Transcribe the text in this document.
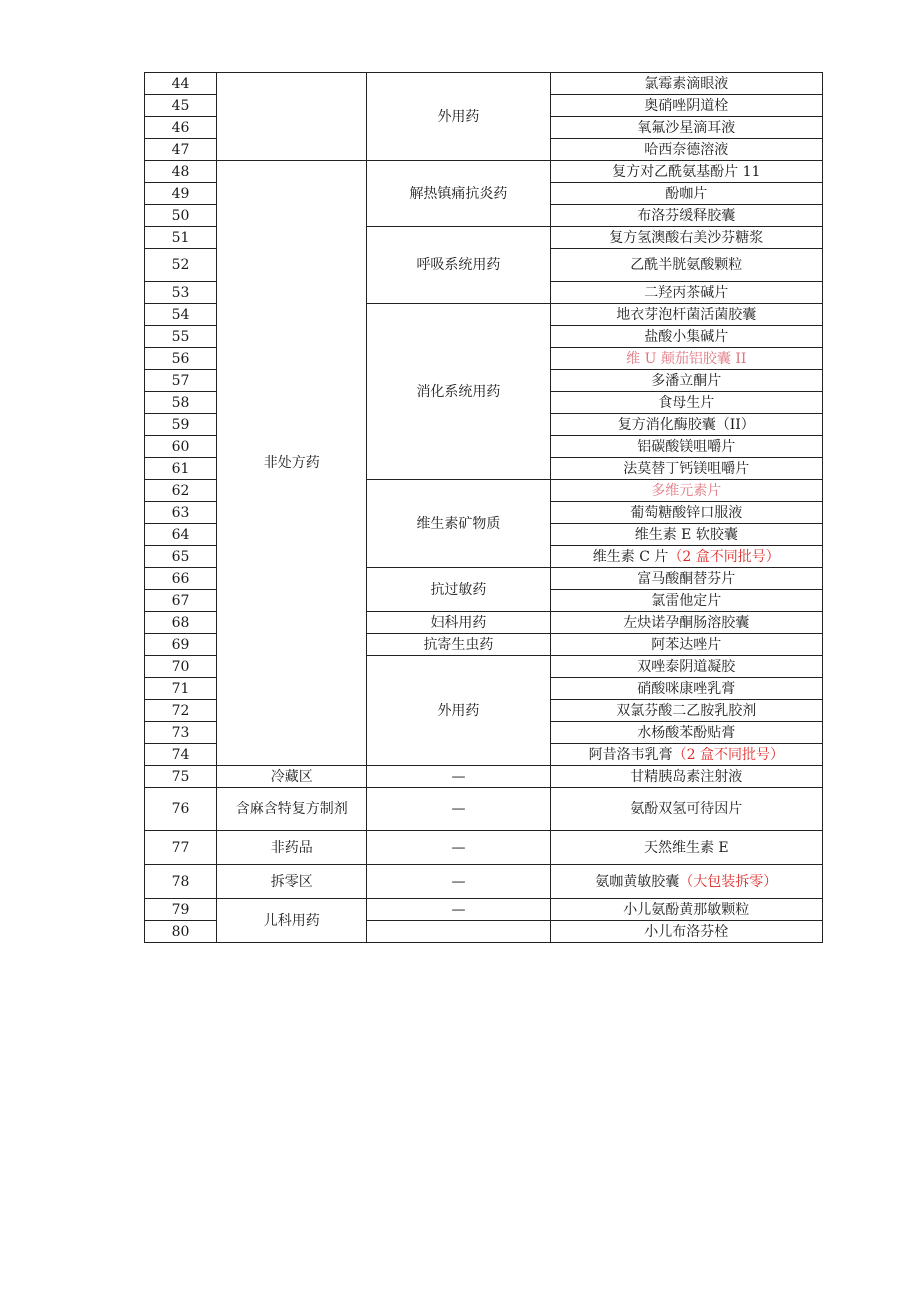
44		外用药	氯霉素滴眼液
45			奥硝唑阴道栓
46			氧氟沙星滴耳液
47			哈西奈德溶液
48	非处方药	解热镇痛抗炎药	复方对乙酰氨基酚片 11
49			酚咖片
50			布洛芬缓释胶囊
51		呼吸系统用药	复方氢澳酸右美沙芬糖浆
52			乙酰半胱氨酸颗粒
53			二羟丙茶碱片
54		消化系统用药	地衣芽泡杆菌活菌胶囊
55			盐酸小集碱片
56			维 U 颠茄铝胶囊 II
57			多潘立酮片
58			食母生片
59			复方消化酶胶囊（II）
60			铝碳酸镁咀嚼片
61			法莫替丁钙镁咀嚼片
62		维生素矿物质	多维元素片
63			葡萄糖酸锌口服液
64			维生素 E 软胶囊
65			维生素 C 片（2 盒不同批号）
66		抗过敏药	富马酸酮替芬片
67			氯雷他定片
68		妇科用药	左炔诺孕酮肠溶胶囊
69		抗寄生虫药	阿苯达唑片
70		外用药	双唑泰阴道凝胶
71			硝酸咪康唑乳膏
72			双氯芬酸二乙胺乳胶剂
73			水杨酸苯酚贴膏
74			阿昔洛韦乳膏（2 盒不同批号）
75	冷藏区	—	甘精胰岛素注射液
76	含麻含特复方制剂	—	氨酚双氢可待因片
77	非药品	—	天然维生素 E
78	拆零区	—	氨咖黄敏胶囊（大包装拆零）
79	儿科用药	—	小儿氨酚黄那敏颗粒
80			小儿布洛芬栓
